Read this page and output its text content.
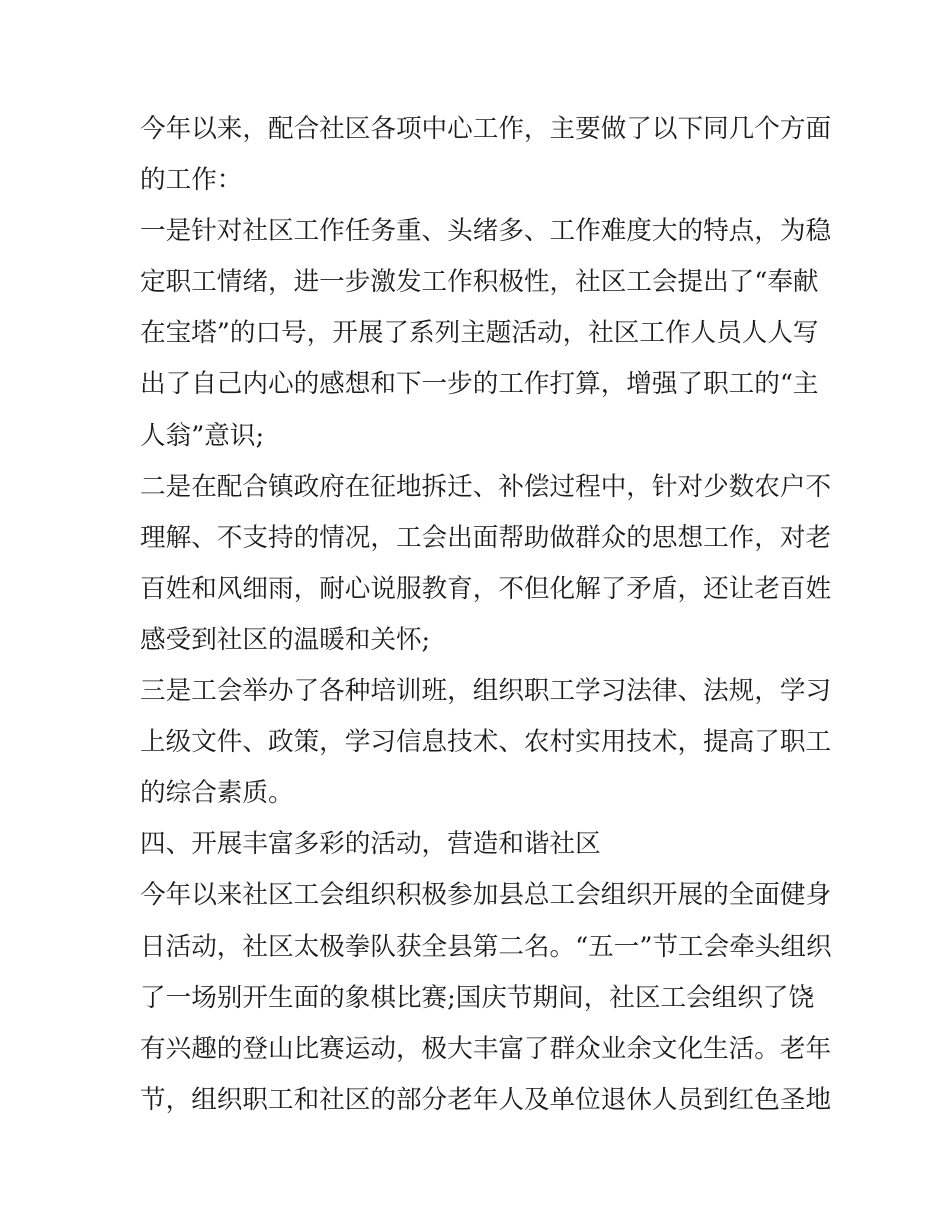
今年以来，配合社区各项中心工作，主要做了以下同几个方面
的工作：
一是针对社区工作任务重、头绪多、工作难度大的特点，为稳
定职工情绪，进一步激发工作积极性，社区工会提出了“奉献
在宝塔”的口号，开展了系列主题活动，社区工作人员人人写
出了自己内心的感想和下一步的工作打算，增强了职工的“主
人翁”意识;
二是在配合镇政府在征地拆迁、补偿过程中，针对少数农户不
理解、不支持的情况，工会出面帮助做群众的思想工作，对老
百姓和风细雨，耐心说服教育，不但化解了矛盾，还让老百姓
感受到社区的温暖和关怀;
三是工会举办了各种培训班，组织职工学习法律、法规，学习
上级文件、政策，学习信息技术、农村实用技术，提高了职工
的综合素质。
四、开展丰富多彩的活动，营造和谐社区
今年以来社区工会组织积极参加县总工会组织开展的全面健身
日活动，社区太极拳队获全县第二名。“五一”节工会牵头组织
了一场别开生面的象棋比赛;国庆节期间，社区工会组织了饶
有兴趣的登山比赛运动，极大丰富了群众业余文化生活。老年
节，组织职工和社区的部分老年人及单位退休人员到红色圣地
